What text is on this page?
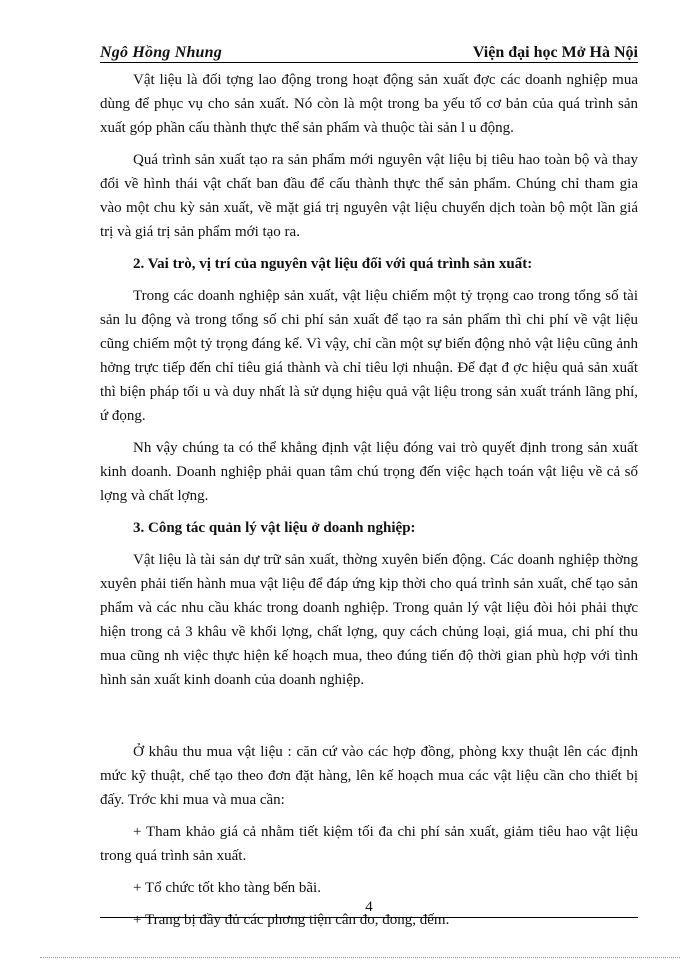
Ngô Hồng Nhung	Viện đại học Mở Hà Nội

Vật liệu là đối tợng lao động trong hoạt động sản xuất đợc các doanh nghiệp mua dùng để phục vụ cho sản xuất. Nó còn là một trong ba yếu tố cơ bản của quá trình sản xuất góp phần cấu thành thực thể sản phẩm và thuộc tài sản l u động.

Quá trình sản xuất tạo ra sản phẩm mới nguyên vật liệu bị tiêu hao toàn bộ và thay đổi về hình thái vật chất ban đầu để cấu thành thực thể sản phẩm. Chúng chỉ tham gia vào một chu kỳ sản xuất, về mặt giá trị nguyên vật liệu chuyển dịch toàn bộ một lần giá trị và giá trị sản phẩm mới tạo ra.

2. Vai trò, vị trí của nguyên vật liệu đối với quá trình sản xuất:

Trong các doanh nghiệp sản xuất, vật liệu chiếm một tỷ trọng cao trong tổng số tài sản lu động và trong tổng số chi phí sản xuất để tạo ra sản phẩm thì chi phí về vật liệu cũng chiếm một tỷ trọng đáng kể. Vì vậy, chỉ cần một sự biến động nhỏ vật liệu cũng ảnh hởng trực tiếp đến chỉ tiêu giá thành và chỉ tiêu lợi nhuận. Để đạt đ ợc hiệu quả sản xuất thì biện pháp tối u và duy nhất là sử dụng hiệu quả vật liệu trong sản xuất tránh lãng phí, ứ đọng.

Nh vậy chúng ta có thể khẳng định vật liệu đóng vai trò quyết định trong sản xuất kinh doanh. Doanh nghiệp phải quan tâm chú trọng đến việc hạch toán vật liệu về cả số lợng và chất lợng.

3. Công tác quản lý vật liệu ở doanh nghiệp:

Vật liệu là tài sản dự trữ sản xuất, thờng xuyên biến động. Các doanh nghiệp thờng xuyên phải tiến hành mua vật liệu để đáp ứng kịp thời cho quá trình sản xuất, chế tạo sản phẩm và các nhu cầu khác trong doanh nghiệp. Trong quản lý vật liệu đòi hỏi phải thực hiện trong cả 3 khâu về khối lợng, chất lợng, quy cách chủng loại, giá mua, chi phí thu mua cũng nh việc thực hiện kế hoạch mua, theo đúng tiến độ thời gian phù hợp với tình hình sản xuất kinh doanh của doanh nghiệp.

Ở khâu thu mua vật liệu : căn cứ vào các hợp đồng, phòng kxy thuật lên các định mức kỹ thuật, chế tạo theo đơn đặt hàng, lên kế hoạch mua các vật liệu cần cho thiết bị đấy. Trớc khi mua và mua cần:

+ Tham khảo giá cả nhằm tiết kiệm tối đa chi phí sản xuất, giảm tiêu hao vật liệu trong quá trình sản xuất.

+ Tổ chức tốt kho tàng bến bãi.

+ Trang bị đầy đủ các phơng tiện cân đo, đong, đếm.

4
